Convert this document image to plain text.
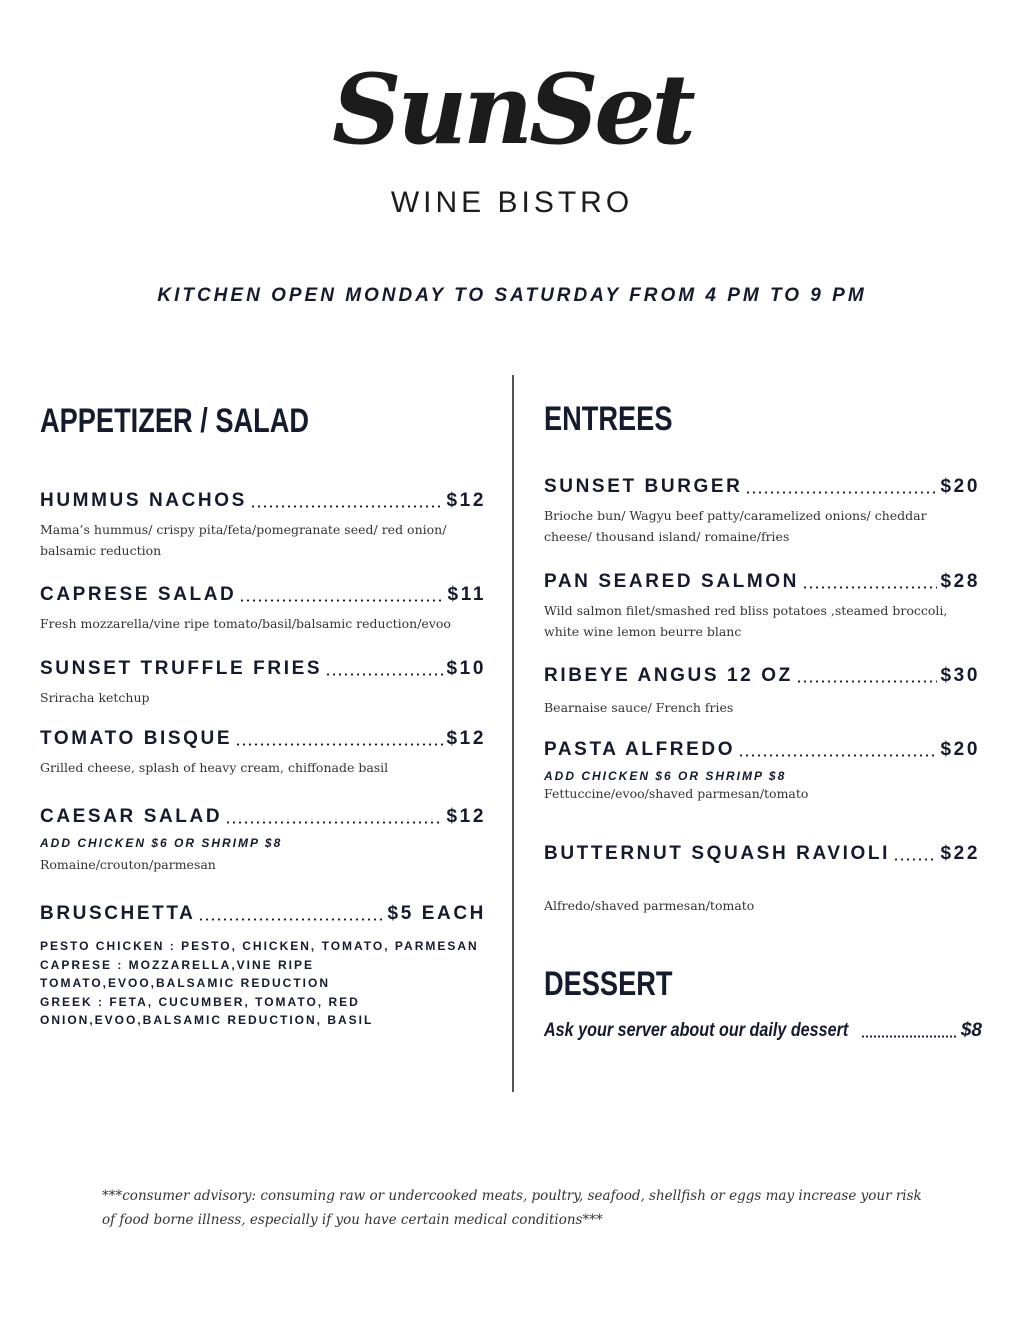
SunSet
WINE BISTRO
KITCHEN OPEN MONDAY TO SATURDAY FROM 4 PM TO 9 PM
APPETIZER / SALAD
HUMMUS NACHOS	$12
Mama’s hummus/ crispy pita/feta/pomegranate seed/ red onion/ balsamic reduction
CAPRESE SALAD	$11
Fresh mozzarella/vine ripe tomato/basil/balsamic reduction/evoo
SUNSET TRUFFLE FRIES	$10
Sriracha ketchup
TOMATO BISQUE	$12
Grilled cheese, splash of heavy cream, chiffonade basil
CAESAR SALAD	$12
ADD CHICKEN $6 OR SHRIMP $8
Romaine/crouton/parmesan
BRUSCHETTA	$5 EACH
PESTO CHICKEN : PESTO, CHICKEN, TOMATO, PARMESAN
CAPRESE : MOZZARELLA,VINE RIPE TOMATO,EVOO,BALSAMIC REDUCTION
GREEK : FETA, CUCUMBER, TOMATO, RED ONION,EVOO,BALSAMIC REDUCTION, BASIL
ENTREES
SUNSET BURGER	$20
Brioche bun/ Wagyu beef patty/caramelized onions/ cheddar cheese/ thousand island/ romaine/fries
PAN SEARED SALMON	$28
Wild salmon filet/smashed red bliss potatoes ,steamed broccoli, white wine lemon beurre blanc
RIBEYE ANGUS 12 OZ	$30
Bearnaise sauce/ French fries
PASTA ALFREDO	$20
ADD CHICKEN $6 OR SHRIMP $8
Fettuccine/evoo/shaved parmesan/tomato
BUTTERNUT SQUASH RAVIOLI	$22
Alfredo/shaved parmesan/tomato
DESSERT
Ask your server about our daily dessert	$8
***consumer advisory: consuming raw or undercooked meats, poultry, seafood, shellfish or eggs may increase your risk of food borne illness, especially if you have certain medical conditions***
